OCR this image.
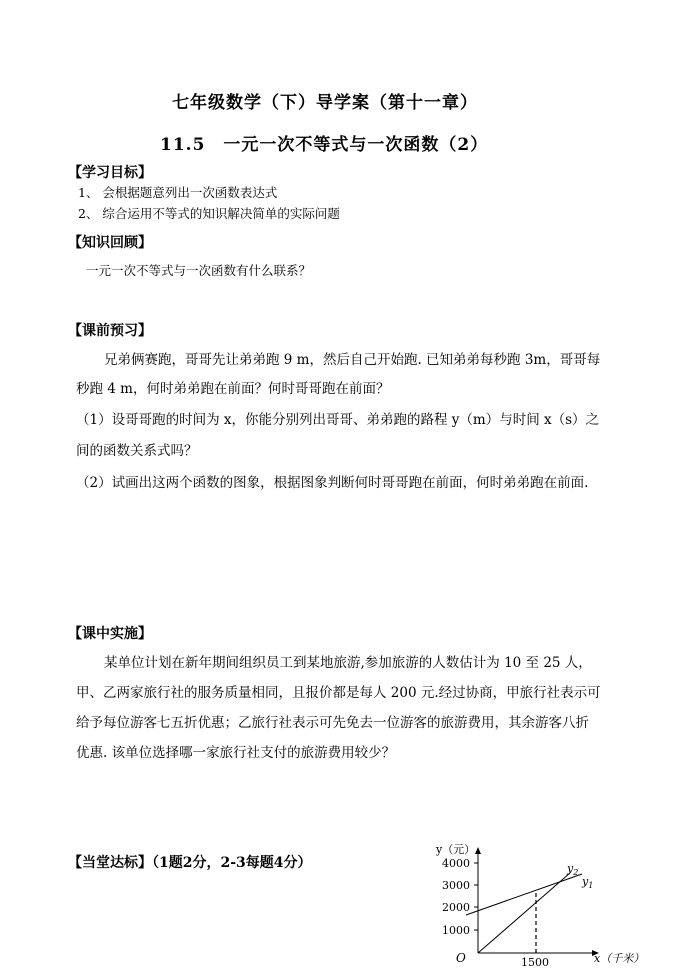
七年级数学（下）导学案（第十一章）
11.5　一元一次不等式与一次函数（2）
【学习目标】
1、 会根据题意列出一次函数表达式
2、 综合运用不等式的知识解决简单的实际问题
【知识回顾】
一元一次不等式与一次函数有什么联系？
【课前预习】
兄弟俩赛跑，哥哥先让弟弟跑 9 m，然后自己开始跑. 已知弟弟每秒跑 3m，哥哥每
秒跑 4 m，何时弟弟跑在前面？何时哥哥跑在前面？
（1）设哥哥跑的时间为 x，你能分别列出哥哥、弟弟跑的路程 y（m）与时间 x（s）之
间的函数关系式吗？
（2）试画出这两个函数的图象，根据图象判断何时哥哥跑在前面，何时弟弟跑在前面.
【课中实施】
某单位计划在新年期间组织员工到某地旅游,参加旅游的人数估计为 10 至 25 人，
甲、乙两家旅行社的服务质量相同，且报价都是每人 200 元.经过协商，甲旅行社表示可
给予每位游客七五折优惠；乙旅行社表示可先免去一位游客的旅游费用，其余游客八折
优惠. 该单位选择哪一家旅行社支付的旅游费用较少？
【当堂达标】（1题2分，2-3每题4分）	4000
3000
2000
1000
y（元）
x（千米）
O	1500
$y_1$
$y_2$
